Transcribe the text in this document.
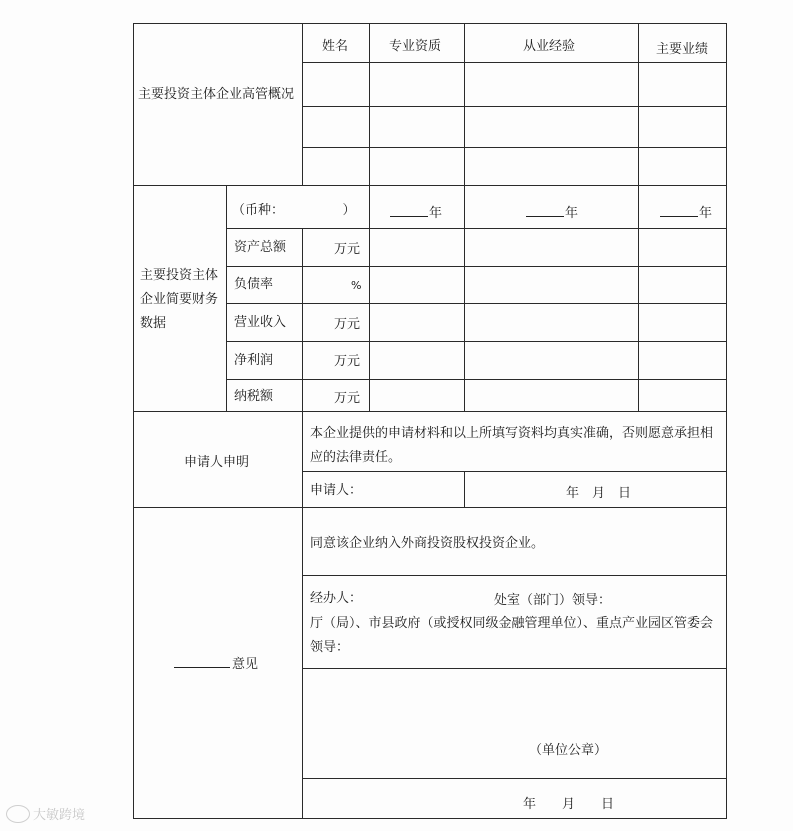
主要投资主体企业高管概况
姓名	专业资质	从业经验	主要业绩
主要投资主体企业简要财务数据
（币种：　　　　　）	年	年	年
资产总额	万元
负债率	%
营业收入	万元
净利润	万元
纳税额	万元
申请人申明
本企业提供的申请材料和以上所填写资料均真实准确，否则愿意承担相应的法律责任。
申请人：	年　月　日
意见
同意该企业纳入外商投资股权投资企业。
经办人：	处室（部门）领导：
厅（局）、市县政府（或授权同级金融管理单位）、重点产业园区管委会领导：
（单位公章）
年　　月　　日
大敏跨境
